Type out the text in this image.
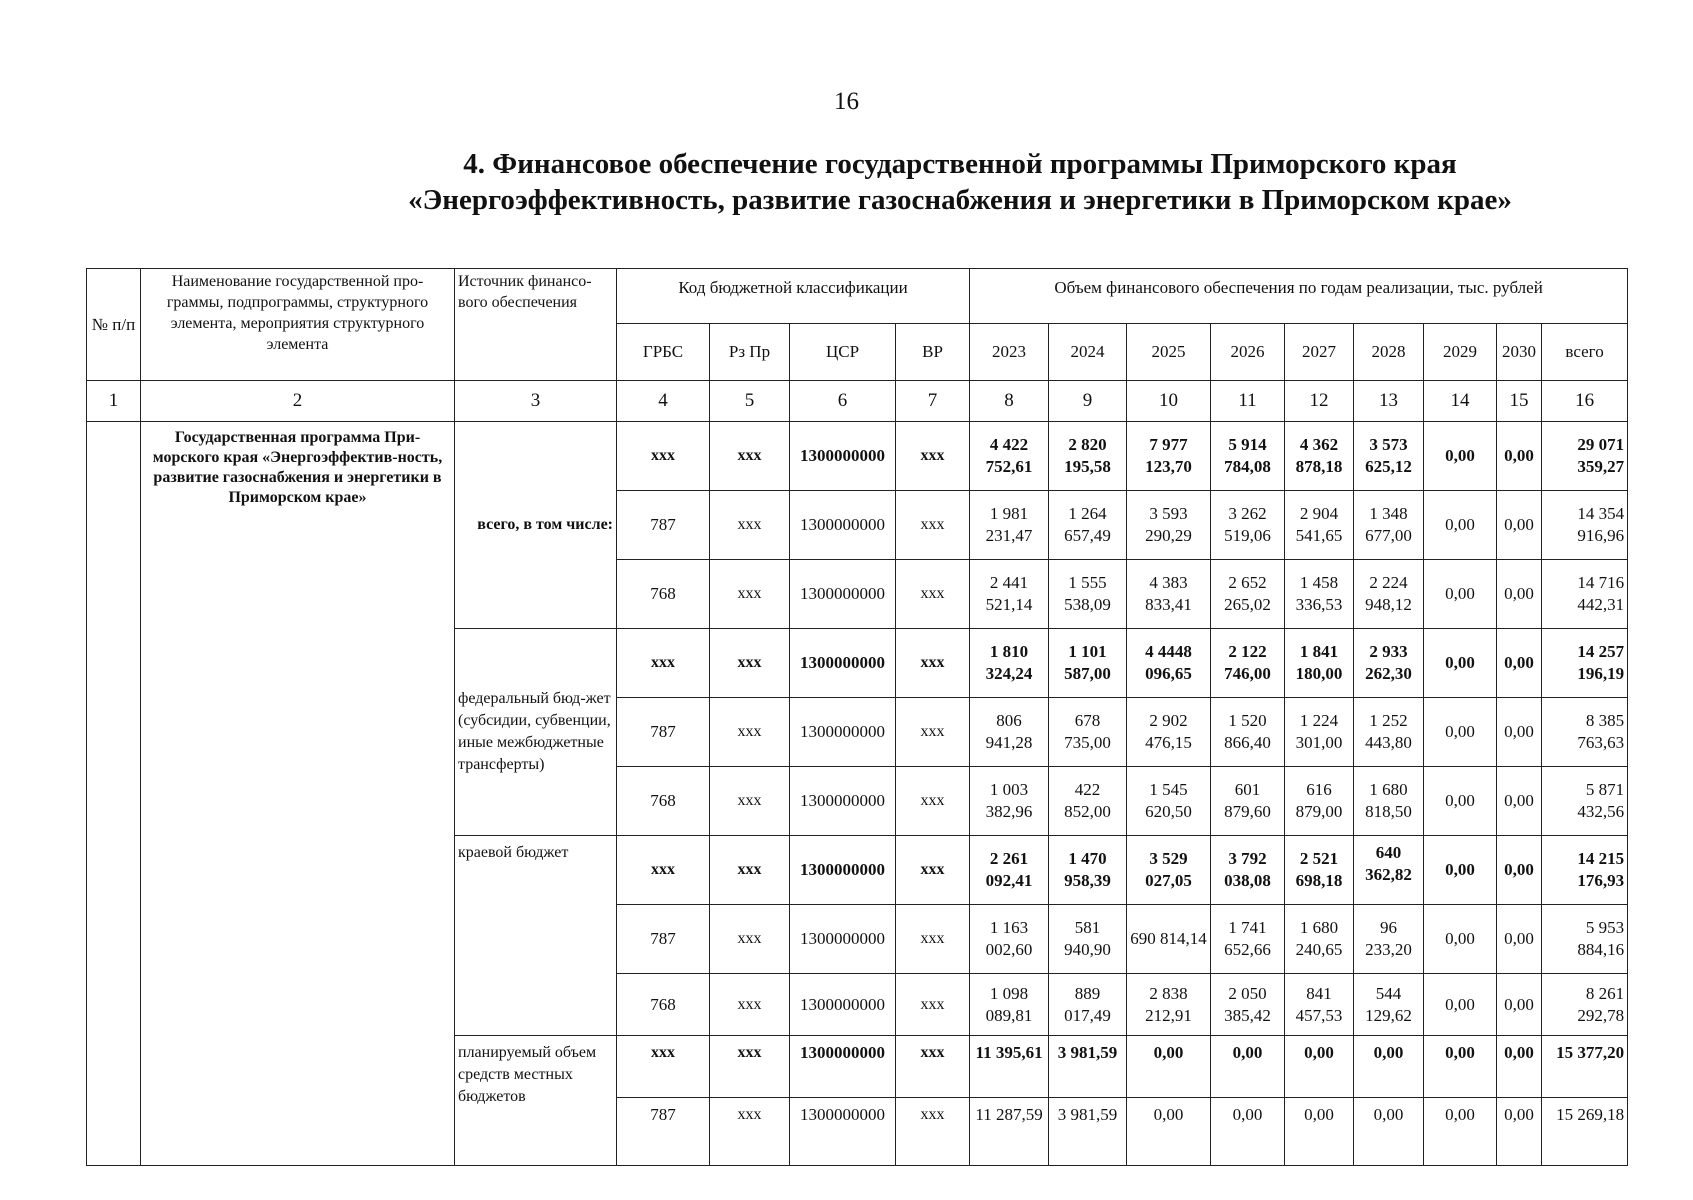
16
4. Финансовое обеспечение государственной программы Приморского края
«Энергоэффективность, развитие газоснабжения и энергетики в Приморском крае»
№ п/п	Наименование государственной про-граммы, подпрограммы, структурного элемента, мероприятия структурного элемента	Источник финансо-вого обеспечения	Код бюджетной классификации				Объем финансового обеспечения по годам реализации, тыс. рублей								
			ГРБС	Рз Пр	ЦСР	ВР	2023	2024	2025	2026	2027	2028	2029	2030	всего
1	2	3	4	5	6	7	8	9	10	11	12	13	14	15	16
	Государственная программа При-морского края «Энергоэффектив-ность, развитие газоснабжения и энергетики в Приморском крае»	всего, в том числе:	ххх	ххх	1300000000	ххх	4 422 752,61	2 820 195,58	7 977 123,70	5 914 784,08	4 362 878,18	3 573 625,12	0,00	0,00	29 071 359,27
			787	ххх	1300000000	ххх	1 981 231,47	1 264 657,49	3 593 290,29	3 262 519,06	2 904 541,65	1 348 677,00	0,00	0,00	14 354 916,96
			768	ххх	1300000000	ххх	2 441 521,14	1 555 538,09	4 383 833,41	2 652 265,02	1 458 336,53	2 224 948,12	0,00	0,00	14 716 442,31
		федеральный бюд-жет (субсидии, субвенции, иные межбюджетные трансферты)	ххх	ххх	1300000000	ххх	1 810 324,24	1 101 587,00	4 4448 096,65	2 122 746,00	1 841 180,00	2 933 262,30	0,00	0,00	14 257 196,19
			787	ххх	1300000000	ххх	806 941,28	678 735,00	2 902 476,15	1 520 866,40	1 224 301,00	1 252 443,80	0,00	0,00	8 385 763,63
			768	ххх	1300000000	ххх	1 003 382,96	422 852,00	1 545 620,50	601 879,60	616 879,00	1 680 818,50	0,00	0,00	5 871 432,56
		краевой бюджет	ххх	ххх	1300000000	ххх	2 261 092,41	1 470 958,39	3 529 027,05	3 792 038,08	2 521 698,18	640 362,82	0,00	0,00	14 215 176,93
			787	ххх	1300000000	ххх	1 163 002,60	581 940,90	690 814,14	1 741 652,66	1 680 240,65	96 233,20	0,00	0,00	5 953 884,16
			768	ххх	1300000000	ххх	1 098 089,81	889 017,49	2 838 212,91	2 050 385,42	841 457,53	544 129,62	0,00	0,00	8 261 292,78
		планируемый объем средств местных бюджетов	ххх	ххх	1300000000	ххх	11 395,61	3 981,59	0,00	0,00	0,00	0,00	0,00	0,00	15 377,20
			787	ххх	1300000000	ххх	11 287,59	3 981,59	0,00	0,00	0,00	0,00	0,00	0,00	15 269,18
